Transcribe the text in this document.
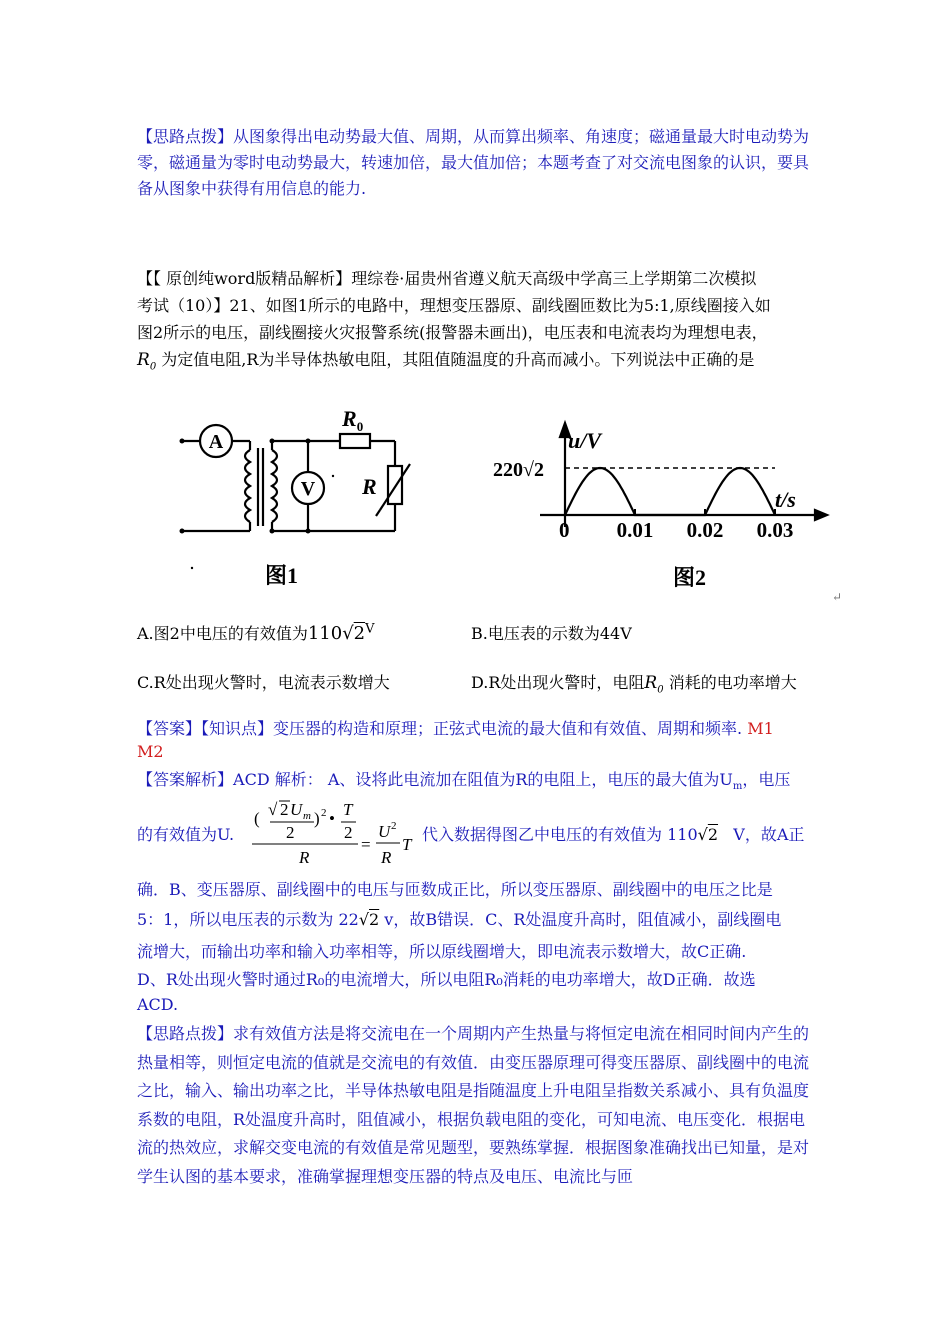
【思路点拨】从图象得出电动势最大值、周期，从而算出频率、角速度；磁通量最大时电动势为零，磁通量为零时电动势最大，转速加倍，最大值加倍；本题考查了对交流电图象的认识，要具备从图象中获得有用信息的能力.
【【 原创纯word版精品解析】理综卷·届贵州省遵义航天高级中学高三上学期第二次模拟
考试（10）】21、如图1所示的电路中，理想变压器原、副线圈匝数比为5:1,原线圈接入如
图2所示的电压，副线圈接火灾报警系统(报警器未画出)，电压表和电流表均为理想电表，
$R_0$ 为定值电阻,R为半导体热敏电阻，其阻值随温度的升高而减小。下列说法中正确的是
A
V
$R_0$
R
图1
u/V
t/s
220√2
0 0.01 0.02 0.03
图2
↵
A.图2中电压的有效值为$110√2^V$	B.电压表的示数为44V
C.R处出现火警时，电流表示数增大	D.R处出现火警时，电阻$R_0$ 消耗的电功率增大
【答案】【知识点】变压器的构造和原理；正弦式电流的最大值和有效值、周期和频率. M1
M2
【答案解析】ACD 解析： A、设将此电流加在阻值为R的电阻上，电压的最大值为$U_m$，电压
的有效值为U.
( √ 2 U m
2
) 2 • T
2
R
=
U 2
R
T
代入数据得图乙中电压的有效值为 110√2 V，故A正
确．B、变压器原、副线圈中的电压与匝数成正比，所以变压器原、副线圈中的电压之比是
5：1，所以电压表的示数为 22√2 v，故B错误．C、R处温度升高时，阻值减小，副线圈电
流增大，而输出功率和输入功率相等，所以原线圈增大，即电流表示数增大，故C正确.
D、R处出现火警时通过R₀的电流增大，所以电阻R₀消耗的电功率增大，故D正确．故选
ACD.
【思路点拨】求有效值方法是将交流电在一个周期内产生热量与将恒定电流在相同时间内产生的热量相等，则恒定电流的值就是交流电的有效值．由变压器原理可得变压器原、副线圈中的电流之比，输入、输出功率之比，半导体热敏电阻是指随温度上升电阻呈指数关系减小、具有负温度系数的电阻，R处温度升高时，阻值减小，根据负载电阻的变化，可知电流、电压变化．根据电流的热效应，求解交变电流的有效值是常见题型，要熟练掌握．根据图象准确找出已知量，是对学生认图的基本要求，准确掌握理想变压器的特点及电压、电流比与匝
